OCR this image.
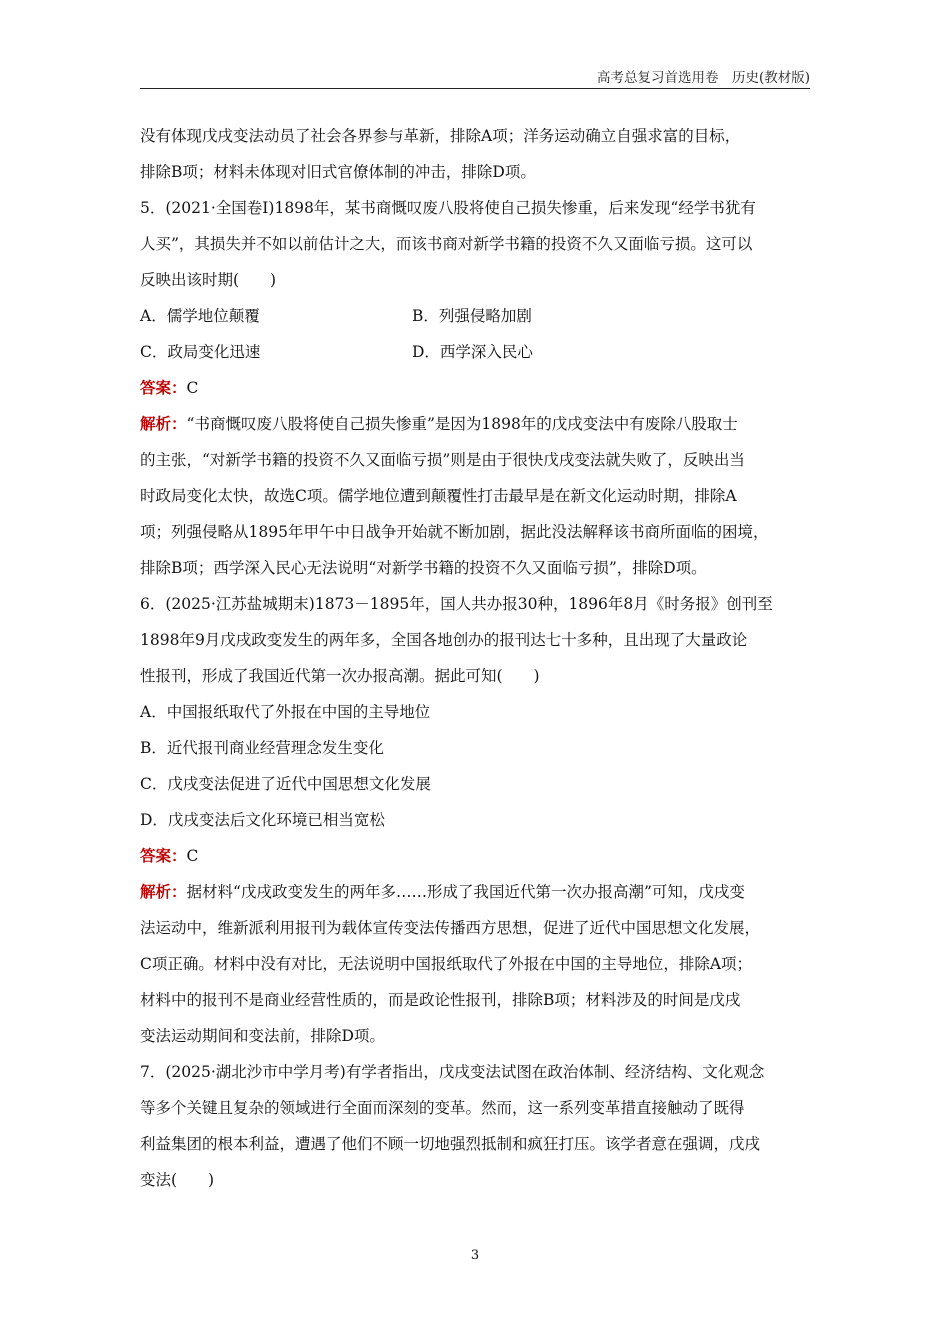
高考总复习首选用卷　历史(教材版)
没有体现戊戌变法动员了社会各界参与革新，排除A项；洋务运动确立自强求富的目标，
排除B项；材料未体现对旧式官僚体制的冲击，排除D项。
5．(2021·全国卷Ⅰ)1898年，某书商慨叹废八股将使自己损失惨重，后来发现“经学书犹有
人买”，其损失并不如以前估计之大，而该书商对新学书籍的投资不久又面临亏损。这可以
反映出该时期(　　)
A．儒学地位颠覆	B．列强侵略加剧
C．政局变化迅速	D．西学深入民心
答案：C
解析：“书商慨叹废八股将使自己损失惨重”是因为1898年的戊戌变法中有废除八股取士
的主张，“对新学书籍的投资不久又面临亏损”则是由于很快戊戌变法就失败了，反映出当
时政局变化太快，故选C项。儒学地位遭到颠覆性打击最早是在新文化运动时期，排除A
项；列强侵略从1895年甲午中日战争开始就不断加剧，据此没法解释该书商所面临的困境，
排除B项；西学深入民心无法说明“对新学书籍的投资不久又面临亏损”，排除D项。
6．(2025·江苏盐城期末)1873－1895年，国人共办报30种，1896年8月《时务报》创刊至
1898年9月戊戌政变发生的两年多，全国各地创办的报刊达七十多种，且出现了大量政论
性报刊，形成了我国近代第一次办报高潮。据此可知(　　)
A．中国报纸取代了外报在中国的主导地位
B．近代报刊商业经营理念发生变化
C．戊戌变法促进了近代中国思想文化发展
D．戊戌变法后文化环境已相当宽松
答案：C
解析：据材料“戊戌政变发生的两年多……形成了我国近代第一次办报高潮”可知，戊戌变
法运动中，维新派利用报刊为载体宣传变法传播西方思想，促进了近代中国思想文化发展，
C项正确。材料中没有对比，无法说明中国报纸取代了外报在中国的主导地位，排除A项；
材料中的报刊不是商业经营性质的，而是政论性报刊，排除B项；材料涉及的时间是戊戌
变法运动期间和变法前，排除D项。
7．(2025·湖北沙市中学月考)有学者指出，戊戌变法试图在政治体制、经济结构、文化观念
等多个关键且复杂的领域进行全面而深刻的变革。然而，这一系列变革措直接触动了既得
利益集团的根本利益，遭遇了他们不顾一切地强烈抵制和疯狂打压。该学者意在强调，戊戌
变法(　　)
3
